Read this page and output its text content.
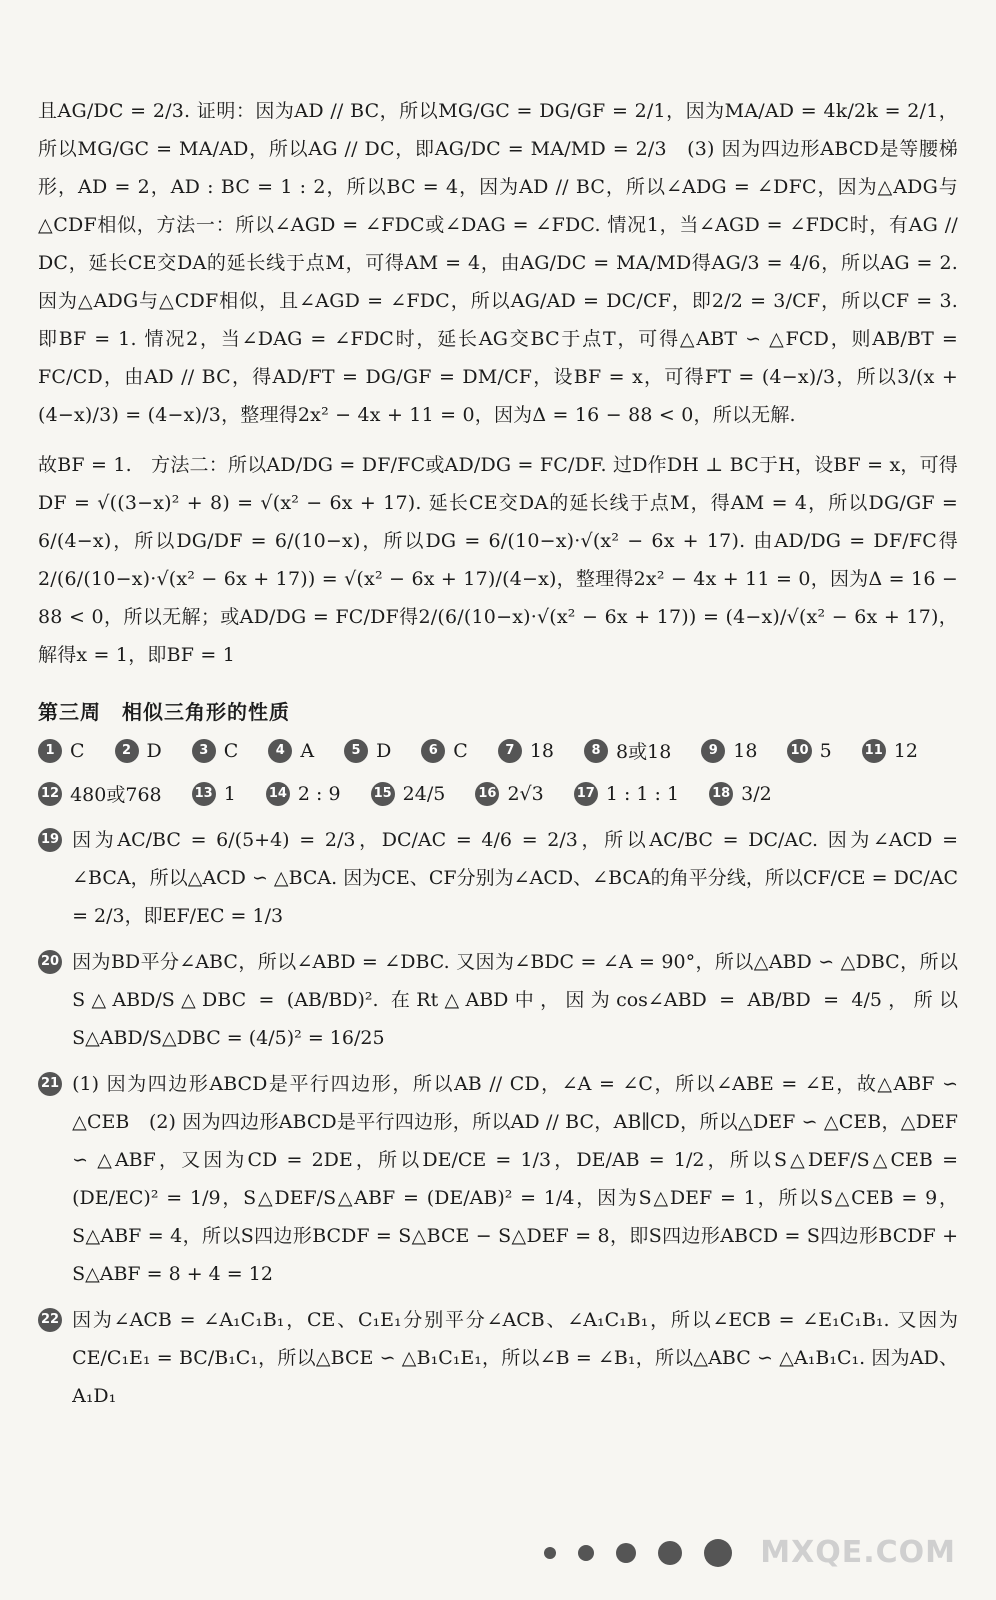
且AG/DC = 2/3. 证明：因为AD // BC，所以MG/GC = DG/GF = 2/1，因为MA/AD = 4k/2k = 2/1，所以MG/GC = MA/AD，所以AG // DC，即AG/DC = MA/MD = 2/3　(3) 因为四边形ABCD是等腰梯形，AD = 2，AD : BC = 1 : 2，所以BC = 4，因为AD // BC，所以∠ADG = ∠DFC，因为△ADG与△CDF相似，方法一：所以∠AGD = ∠FDC或∠DAG = ∠FDC. 情况1，当∠AGD = ∠FDC时，有AG // DC，延长CE交DA的延长线于点M，可得AM = 4，由AG/DC = MA/MD得AG/3 = 4/6，所以AG = 2. 因为△ADG与△CDF相似，且∠AGD = ∠FDC，所以AG/AD = DC/CF，即2/2 = 3/CF，所以CF = 3. 即BF = 1. 情况2，当∠DAG = ∠FDC时，延长AG交BC于点T，可得△ABT ∽ △FCD，则AB/BT = FC/CD，由AD // BC，得AD/FT = DG/GF = DM/CF，设BF = x，可得FT = (4−x)/3，所以3/(x + (4−x)/3) = (4−x)/3，整理得2x² − 4x + 11 = 0，因为Δ = 16 − 88 < 0，所以无解.

故BF = 1.　方法二：所以AD/DG = DF/FC或AD/DG = FC/DF. 过D作DH ⊥ BC于H，设BF = x，可得DF = √((3−x)² + 8) = √(x² − 6x + 17). 延长CE交DA的延长线于点M，得AM = 4，所以DG/GF = 6/(4−x)，所以DG/DF = 6/(10−x)，所以DG = 6/(10−x)·√(x² − 6x + 17). 由AD/DG = DF/FC得2/(6/(10−x)·√(x² − 6x + 17)) = √(x² − 6x + 17)/(4−x)，整理得2x² − 4x + 11 = 0，因为Δ = 16 − 88 < 0，所以无解；或AD/DG = FC/DF得2/(6/(10−x)·√(x² − 6x + 17)) = (4−x)/√(x² − 6x + 17)，解得x = 1，即BF = 1

第三周　相似三角形的性质
1 C	2 D	3 C	4 A	5 D	6 C	7 18	8 8或18	9 18	10 5	11 12
12 480或768	13 1	14 2 : 9	15 24/5	16 2√3	17 1 : 1 : 1	18 3/2
19 因为AC/BC = 6/(5+4) = 2/3，DC/AC = 4/6 = 2/3，所以AC/BC = DC/AC. 因为∠ACD = ∠BCA，所以△ACD ∽ △BCA. 因为CE、CF分别为∠ACD、∠BCA的角平分线，所以CF/CE = DC/AC = 2/3，即EF/EC = 1/3
20 因为BD平分∠ABC，所以∠ABD = ∠DBC. 又因为∠BDC = ∠A = 90°，所以△ABD ∽ △DBC，所以S△ABD/S△DBC = (AB/BD)². 在Rt△ABD中，因为cos∠ABD = AB/BD = 4/5，所以S△ABD/S△DBC = (4/5)² = 16/25
21 (1) 因为四边形ABCD是平行四边形，所以AB // CD，∠A = ∠C，所以∠ABE = ∠E，故△ABF ∽ △CEB　(2) 因为四边形ABCD是平行四边形，所以AD // BC，AB∥CD，所以△DEF ∽ △CEB，△DEF ∽ △ABF，又因为CD = 2DE，所以DE/CE = 1/3，DE/AB = 1/2，所以S△DEF/S△CEB = (DE/EC)² = 1/9，S△DEF/S△ABF = (DE/AB)² = 1/4，因为S△DEF = 1，所以S△CEB = 9，S△ABF = 4，所以S四边形BCDF = S△BCE − S△DEF = 8，即S四边形ABCD = S四边形BCDF + S△ABF = 8 + 4 = 12
22 因为∠ACB = ∠A₁C₁B₁，CE、C₁E₁分别平分∠ACB、∠A₁C₁B₁，所以∠ECB = ∠E₁C₁B₁. 又因为CE/C₁E₁ = BC/B₁C₁，所以△BCE ∽ △B₁C₁E₁，所以∠B = ∠B₁，所以△ABC ∽ △A₁B₁C₁. 因为AD、A₁D₁
MXQE.COM
